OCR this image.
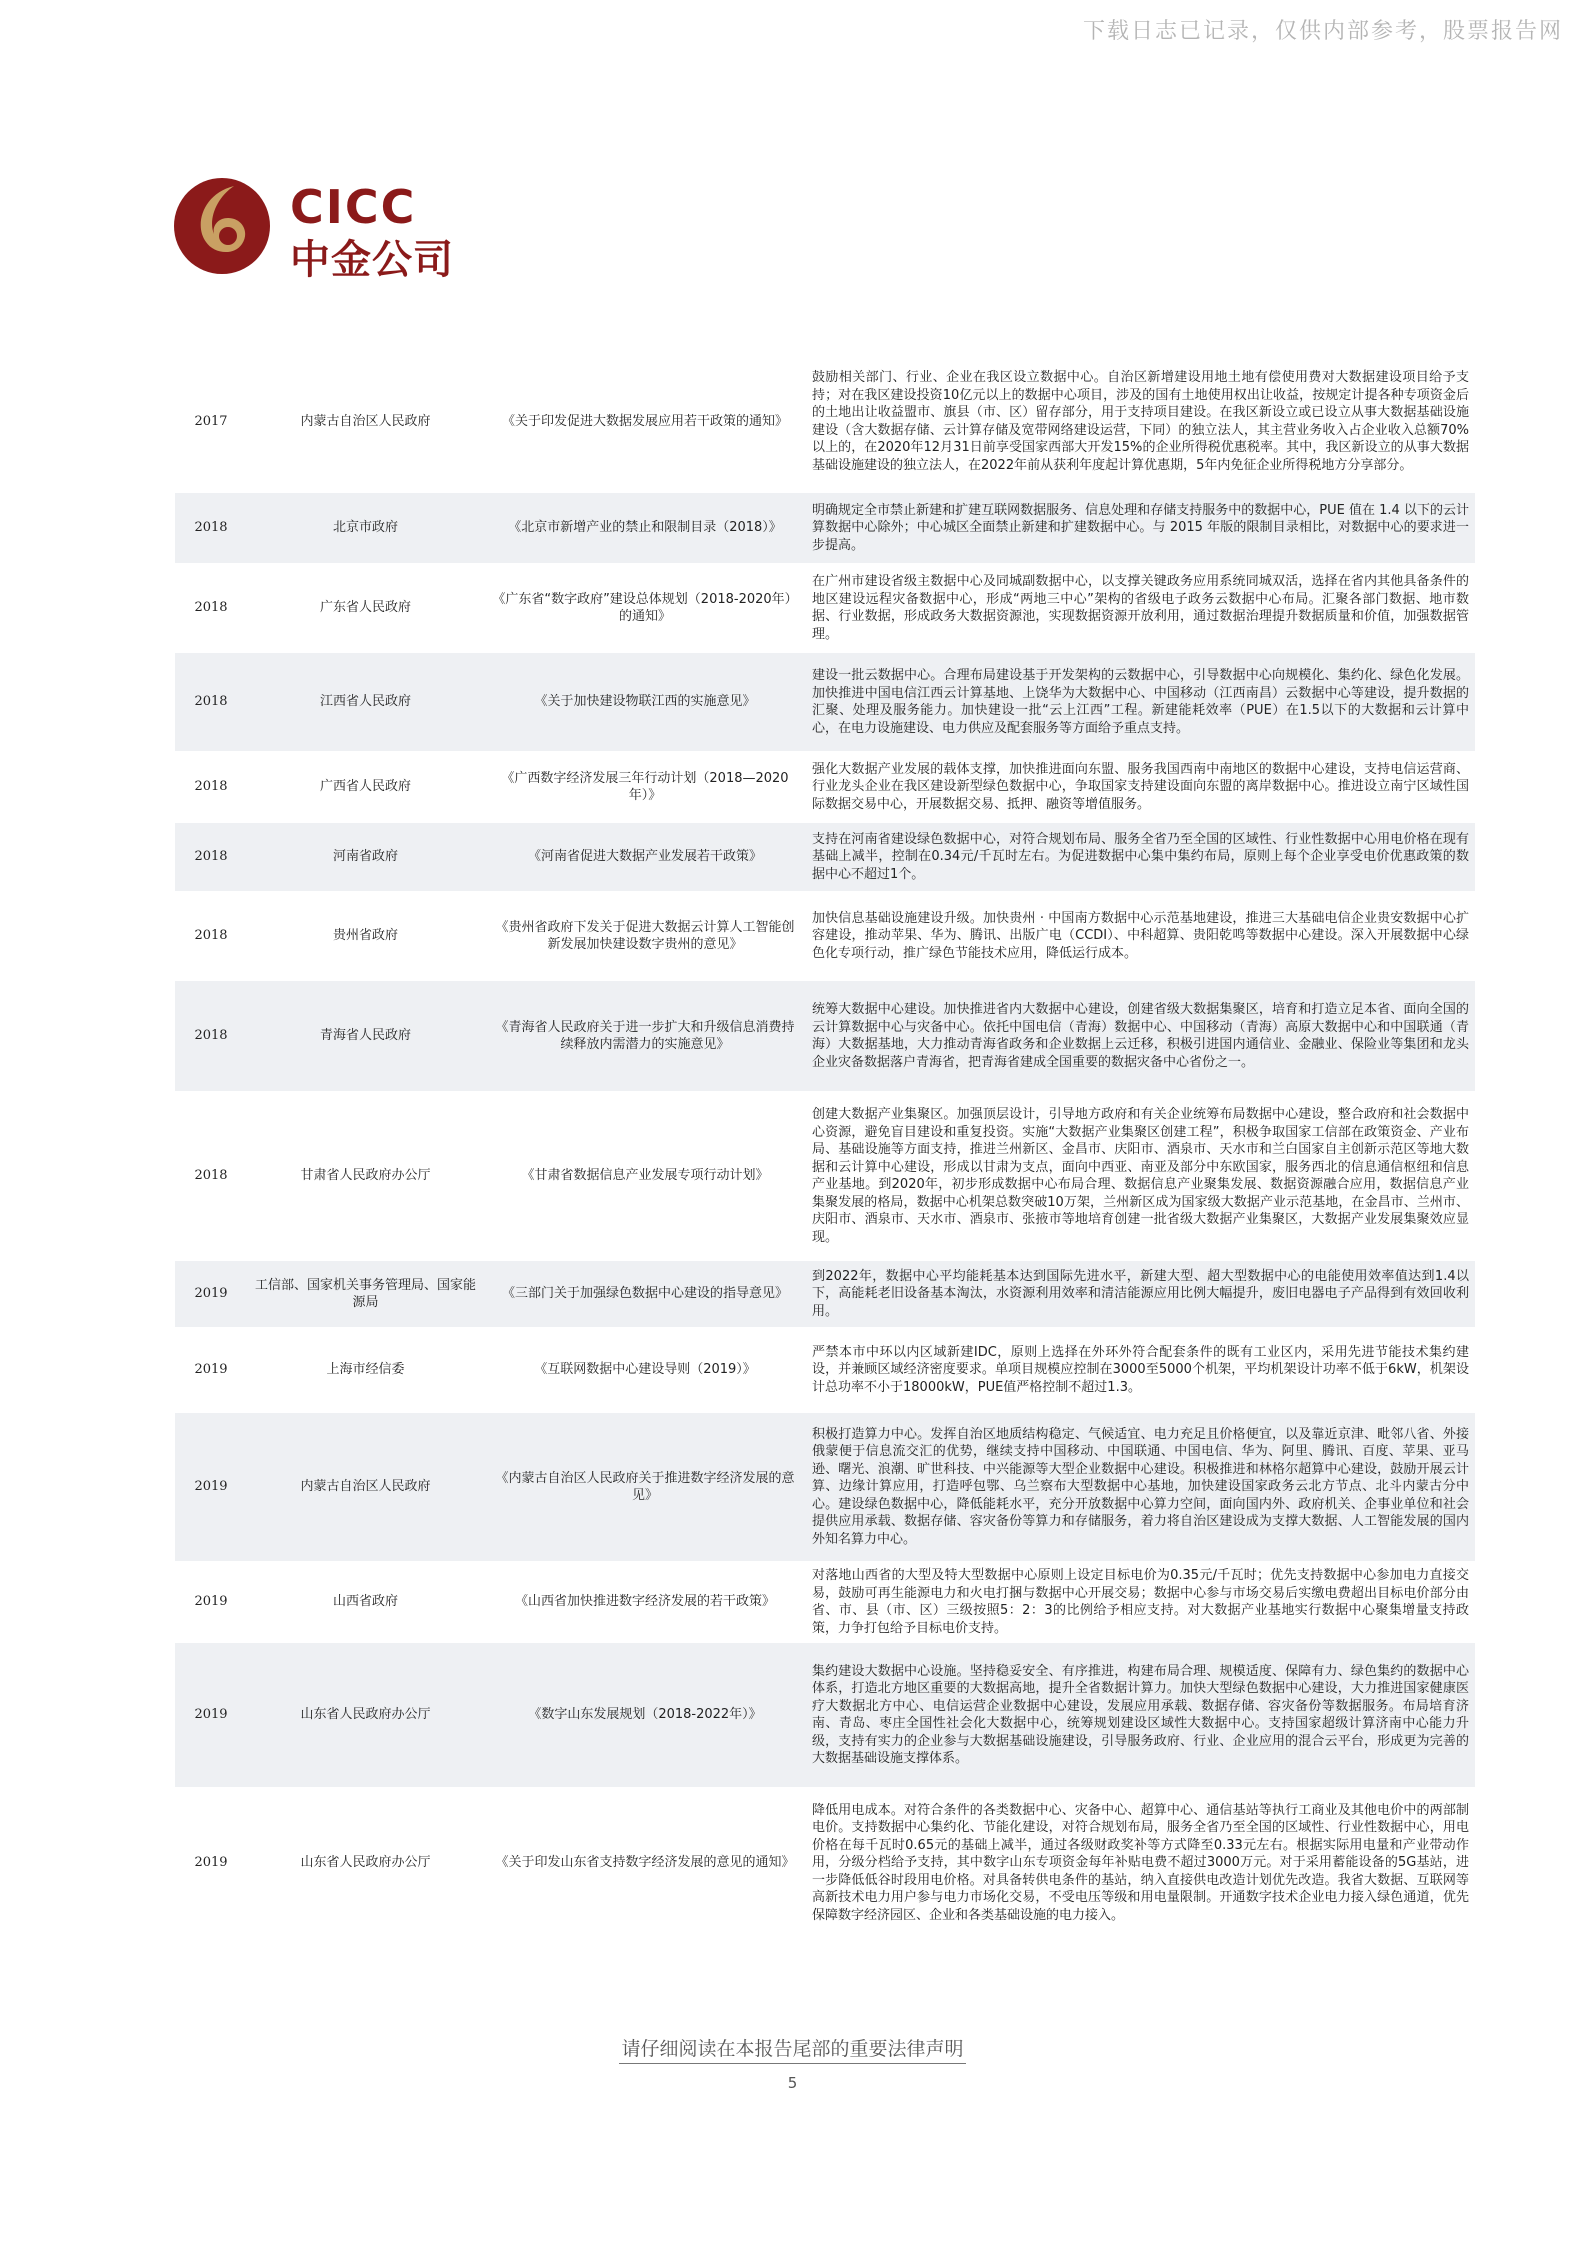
下载日志已记录，仅供内部参考，股票报告网
CICC
中金公司
2017	内蒙古自治区人民政府	《关于印发促进大数据发展应用若干政策的通知》	鼓励相关部门、行业、企业在我区设立数据中心。自治区新增建设用地土地有偿使用费对大数据建设项目给予支持；对在我区建设投资10亿元以上的数据中心项目，涉及的国有土地使用权出让收益，按规定计提各种专项资金后的土地出让收益盟市、旗县（市、区）留存部分，用于支持项目建设。在我区新设立或已设立从事大数据基础设施建设（含大数据存储、云计算存储及宽带网络建设运营，下同）的独立法人，其主营业务收入占企业收入总额70%以上的，在2020年12月31日前享受国家西部大开发15%的企业所得税优惠税率。其中，我区新设立的从事大数据基础设施建设的独立法人，在2022年前从获利年度起计算优惠期，5年内免征企业所得税地方分享部分。
2018	北京市政府	《北京市新增产业的禁止和限制目录（2018）》	明确规定全市禁止新建和扩建互联网数据服务、信息处理和存储支持服务中的数据中心，PUE 值在 1.4 以下的云计算数据中心除外；中心城区全面禁止新建和扩建数据中心。与 2015 年版的限制目录相比，对数据中心的要求进一步提高。
2018	广东省人民政府	《广东省“数字政府”建设总体规划（2018-2020年）的通知》	在广州市建设省级主数据中心及同城副数据中心，以支撑关键政务应用系统同城双活，选择在省内其他具备条件的地区建设远程灾备数据中心，形成“两地三中心”架构的省级电子政务云数据中心布局。汇聚各部门数据、地市数据、行业数据，形成政务大数据资源池，实现数据资源开放利用，通过数据治理提升数据质量和价值，加强数据管理。
2018	江西省人民政府	《关于加快建设物联江西的实施意见》	建设一批云数据中心。合理布局建设基于开发架构的云数据中心，引导数据中心向规模化、集约化、绿色化发展。加快推进中国电信江西云计算基地、上饶华为大数据中心、中国移动（江西南昌）云数据中心等建设，提升数据的汇聚、处理及服务能力。加快建设一批“云上江西”工程。新建能耗效率（PUE）在1.5以下的大数据和云计算中心，在电力设施建设、电力供应及配套服务等方面给予重点支持。
2018	广西省人民政府	《广西数字经济发展三年行动计划（2018—2020年）》	强化大数据产业发展的载体支撑，加快推进面向东盟、服务我国西南中南地区的数据中心建设，支持电信运营商、行业龙头企业在我区建设新型绿色数据中心，争取国家支持建设面向东盟的离岸数据中心。推进设立南宁区域性国际数据交易中心，开展数据交易、抵押、融资等增值服务。
2018	河南省政府	《河南省促进大数据产业发展若干政策》	支持在河南省建设绿色数据中心，对符合规划布局、服务全省乃至全国的区域性、行业性数据中心用电价格在现有基础上减半，控制在0.34元/千瓦时左右。为促进数据中心集中集约布局，原则上每个企业享受电价优惠政策的数据中心不超过1个。
2018	贵州省政府	《贵州省政府下发关于促进大数据云计算人工智能创新发展加快建设数字贵州的意见》	加快信息基础设施建设升级。加快贵州 · 中国南方数据中心示范基地建设，推进三大基础电信企业贵安数据中心扩容建设，推动苹果、华为、腾讯、出版广电（CCDI）、中科超算、贵阳乾鸣等数据中心建设。深入开展数据中心绿色化专项行动，推广绿色节能技术应用，降低运行成本。
2018	青海省人民政府	《青海省人民政府关于进一步扩大和升级信息消费持续释放内需潜力的实施意见》	统筹大数据中心建设。加快推进省内大数据中心建设，创建省级大数据集聚区，培育和打造立足本省、面向全国的云计算数据中心与灾备中心。依托中国电信（青海）数据中心、中国移动（青海）高原大数据中心和中国联通（青海）大数据基地，大力推动青海省政务和企业数据上云迁移，积极引进国内通信业、金融业、保险业等集团和龙头企业灾备数据落户青海省，把青海省建成全国重要的数据灾备中心省份之一。
2018	甘肃省人民政府办公厅	《甘肃省数据信息产业发展专项行动计划》	创建大数据产业集聚区。加强顶层设计，引导地方政府和有关企业统筹布局数据中心建设，整合政府和社会数据中心资源，避免盲目建设和重复投资。实施“大数据产业集聚区创建工程”，积极争取国家工信部在政策资金、产业布局、基础设施等方面支持，推进兰州新区、金昌市、庆阳市、酒泉市、天水市和兰白国家自主创新示范区等地大数据和云计算中心建设，形成以甘肃为支点，面向中西亚、南亚及部分中东欧国家，服务西北的信息通信枢纽和信息产业基地。到2020年，初步形成数据中心布局合理、数据信息产业聚集发展、数据资源融合应用，数据信息产业集聚发展的格局，数据中心机架总数突破10万架，兰州新区成为国家级大数据产业示范基地，在金昌市、兰州市、庆阳市、酒泉市、天水市、酒泉市、张掖市等地培育创建一批省级大数据产业集聚区，大数据产业发展集聚效应显现。
2019	工信部、国家机关事务管理局、国家能源局	《三部门关于加强绿色数据中心建设的指导意见》	到2022年，数据中心平均能耗基本达到国际先进水平，新建大型、超大型数据中心的电能使用效率值达到1.4以下，高能耗老旧设备基本淘汰，水资源利用效率和清洁能源应用比例大幅提升，废旧电器电子产品得到有效回收利用。
2019	上海市经信委	《互联网数据中心建设导则（2019）》	严禁本市中环以内区域新建IDC，原则上选择在外环外符合配套条件的既有工业区内，采用先进节能技术集约建设，并兼顾区域经济密度要求。单项目规模应控制在3000至5000个机架，平均机架设计功率不低于6kW，机架设计总功率不小于18000kW，PUE值严格控制不超过1.3。
2019	内蒙古自治区人民政府	《内蒙古自治区人民政府关于推进数字经济发展的意见》	积极打造算力中心。发挥自治区地质结构稳定、气候适宜、电力充足且价格便宜，以及靠近京津、毗邻八省、外接俄蒙便于信息流交汇的优势，继续支持中国移动、中国联通、中国电信、华为、阿里、腾讯、百度、苹果、亚马逊、曙光、浪潮、旷世科技、中兴能源等大型企业数据中心建设。积极推进和林格尔超算中心建设，鼓励开展云计算、边缘计算应用，打造呼包鄂、乌兰察布大型数据中心基地，加快建设国家政务云北方节点、北斗内蒙古分中心。建设绿色数据中心，降低能耗水平，充分开放数据中心算力空间，面向国内外、政府机关、企事业单位和社会提供应用承载、数据存储、容灾备份等算力和存储服务，着力将自治区建设成为支撑大数据、人工智能发展的国内外知名算力中心。
2019	山西省政府	《山西省加快推进数字经济发展的若干政策》	对落地山西省的大型及特大型数据中心原则上设定目标电价为0.35元/千瓦时；优先支持数据中心参加电力直接交易，鼓励可再生能源电力和火电打捆与数据中心开展交易；数据中心参与市场交易后实缴电费超出目标电价部分由省、市、县（市、区）三级按照5：2：3的比例给予相应支持。对大数据产业基地实行数据中心聚集增量支持政策，力争打包给予目标电价支持。
2019	山东省人民政府办公厅	《数字山东发展规划（2018-2022年）》	集约建设大数据中心设施。坚持稳妥安全、有序推进，构建布局合理、规模适度、保障有力、绿色集约的数据中心体系，打造北方地区重要的大数据高地，提升全省数据计算力。加快大型绿色数据中心建设，大力推进国家健康医疗大数据北方中心、电信运营企业数据中心建设，发展应用承载、数据存储、容灾备份等数据服务。布局培育济南、青岛、枣庄全国性社会化大数据中心，统筹规划建设区域性大数据中心。支持国家超级计算济南中心能力升级，支持有实力的企业参与大数据基础设施建设，引导服务政府、行业、企业应用的混合云平台，形成更为完善的大数据基础设施支撑体系。
2019	山东省人民政府办公厅	《关于印发山东省支持数字经济发展的意见的通知》	降低用电成本。对符合条件的各类数据中心、灾备中心、超算中心、通信基站等执行工商业及其他电价中的两部制电价。支持数据中心集约化、节能化建设，对符合规划布局，服务全省乃至全国的区域性、行业性数据中心，用电价格在每千瓦时0.65元的基础上减半，通过各级财政奖补等方式降至0.33元左右。根据实际用电量和产业带动作用，分级分档给予支持，其中数字山东专项资金每年补贴电费不超过3000万元。对于采用蓄能设备的5G基站，进一步降低低谷时段用电价格。对具备转供电条件的基站，纳入直接供电改造计划优先改造。我省大数据、互联网等高新技术电力用户参与电力市场化交易，不受电压等级和用电量限制。开通数字技术企业电力接入绿色通道，优先保障数字经济园区、企业和各类基础设施的电力接入。
请仔细阅读在本报告尾部的重要法律声明
5
